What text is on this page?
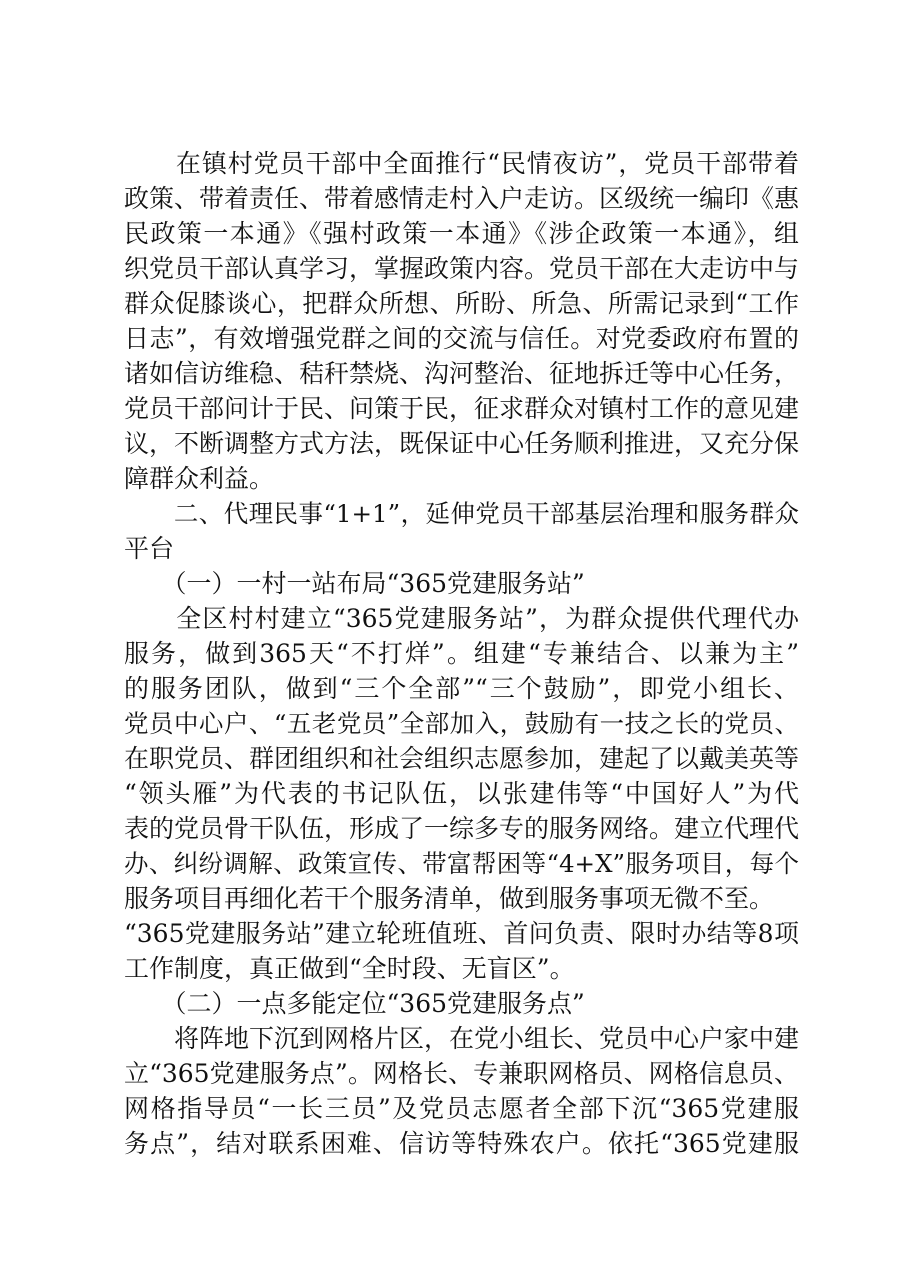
　　在镇村党员干部中全面推行“民情夜访”，党员干部带着
政策、带着责任、带着感情走村入户走访。区级统一编印《惠
民政策一本通》《强村政策一本通》《涉企政策一本通》，组
织党员干部认真学习，掌握政策内容。党员干部在大走访中与
群众促膝谈心，把群众所想、所盼、所急、所需记录到“工作
日志”，有效增强党群之间的交流与信任。对党委政府布置的
诸如信访维稳、秸秆禁烧、沟河整治、征地拆迁等中心任务，
党员干部问计于民、问策于民，征求群众对镇村工作的意见建
议，不断调整方式方法，既保证中心任务顺利推进，又充分保
障群众利益。
　　二、代理民事“1+1”，延伸党员干部基层治理和服务群众
平台
　　（一）一村一站布局“365党建服务站”
　　全区村村建立“365党建服务站”，为群众提供代理代办
服务，做到365天“不打烊”。组建“专兼结合、以兼为主”
的服务团队，做到“三个全部”“三个鼓励”，即党小组长、
党员中心户、“五老党员”全部加入，鼓励有一技之长的党员、
在职党员、群团组织和社会组织志愿参加，建起了以戴美英等
“领头雁”为代表的书记队伍，以张建伟等“中国好人”为代
表的党员骨干队伍，形成了一综多专的服务网络。建立代理代
办、纠纷调解、政策宣传、带富帮困等“4+X”服务项目，每个
服务项目再细化若干个服务清单，做到服务事项无微不至。
“365党建服务站”建立轮班值班、首问负责、限时办结等8项
工作制度，真正做到“全时段、无盲区”。
　　（二）一点多能定位“365党建服务点”
　　将阵地下沉到网格片区，在党小组长、党员中心户家中建
立“365党建服务点”。网格长、专兼职网格员、网格信息员、
网格指导员“一长三员”及党员志愿者全部下沉“365党建服
务点”，结对联系困难、信访等特殊农户。依托“365党建服
